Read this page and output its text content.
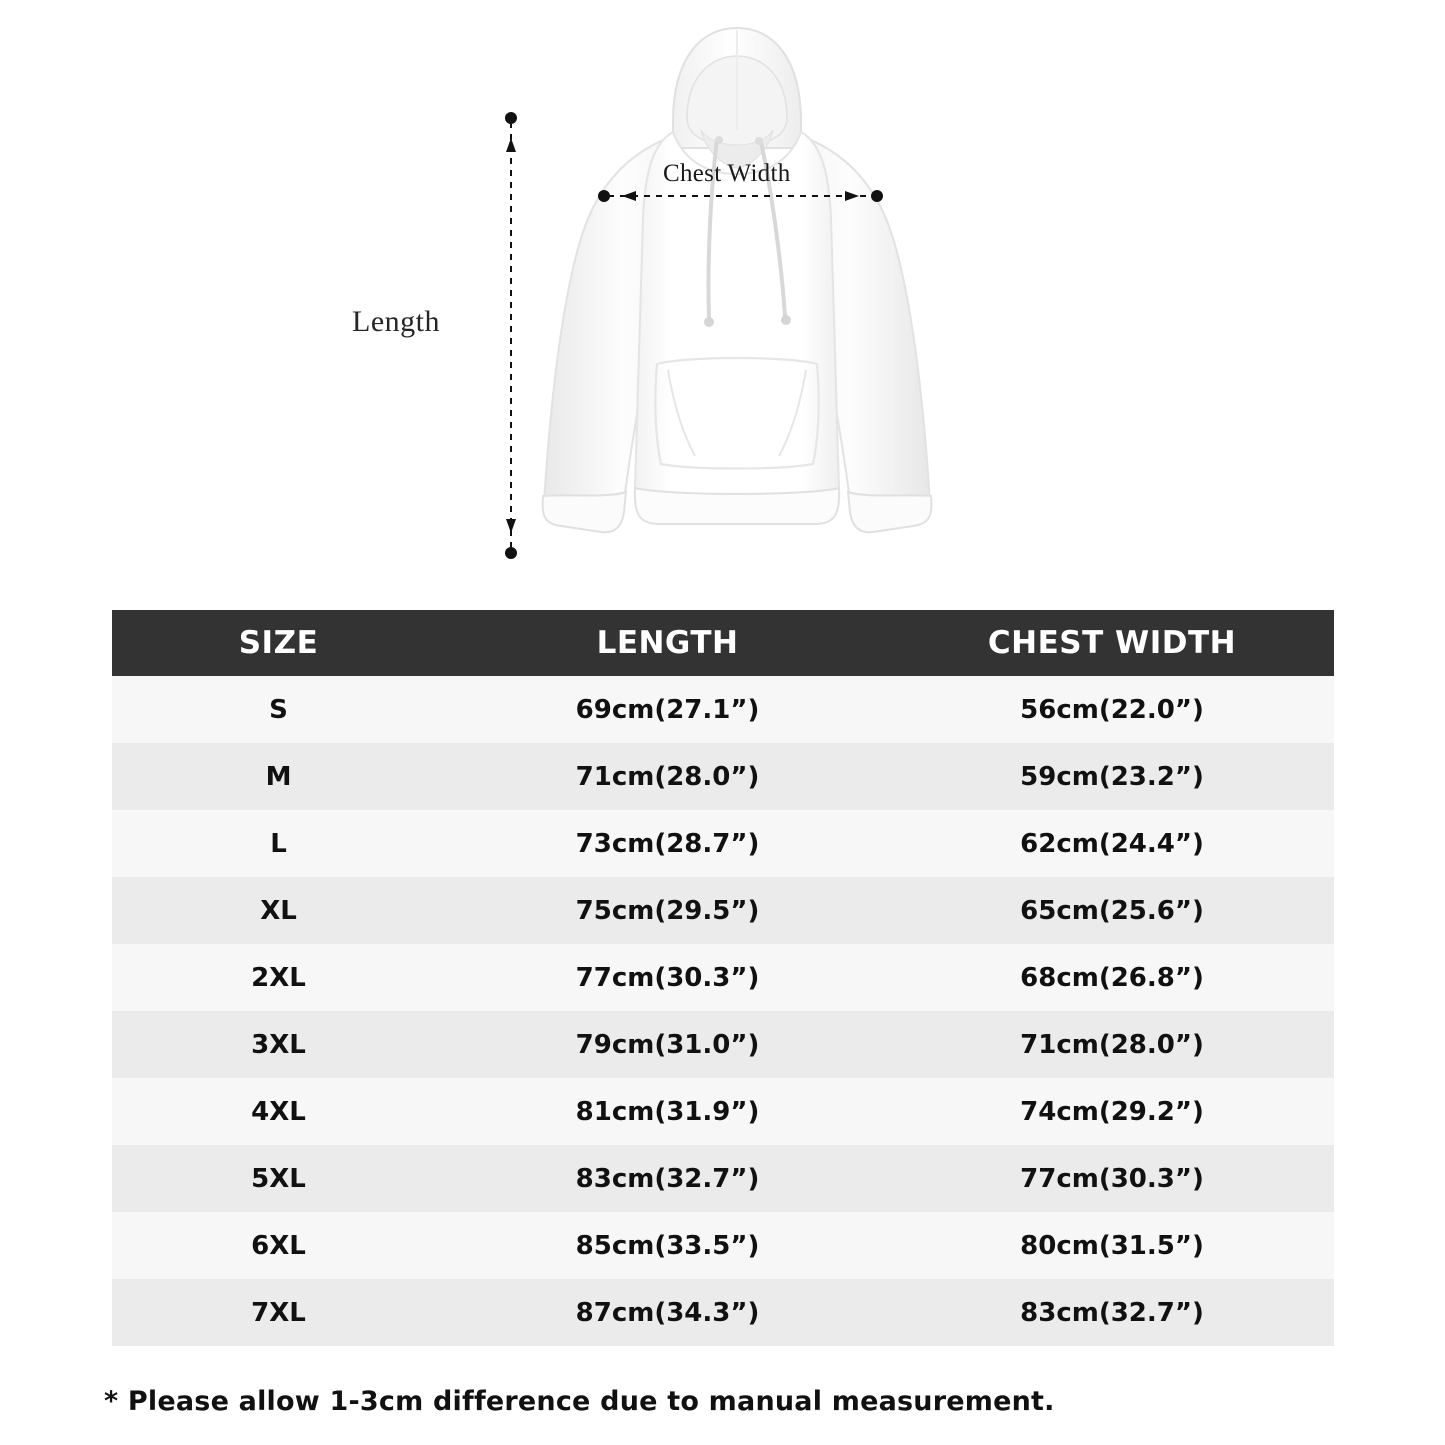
Length
Chest Width
SIZE	LENGTH	CHEST WIDTH
S	69cm(27.1”)	56cm(22.0”)
M	71cm(28.0”)	59cm(23.2”)
L	73cm(28.7”)	62cm(24.4”)
XL	75cm(29.5”)	65cm(25.6”)
2XL	77cm(30.3”)	68cm(26.8”)
3XL	79cm(31.0”)	71cm(28.0”)
4XL	81cm(31.9”)	74cm(29.2”)
5XL	83cm(32.7”)	77cm(30.3”)
6XL	85cm(33.5”)	80cm(31.5”)
7XL	87cm(34.3”)	83cm(32.7”)
* Please allow 1-3cm difference due to manual measurement.
